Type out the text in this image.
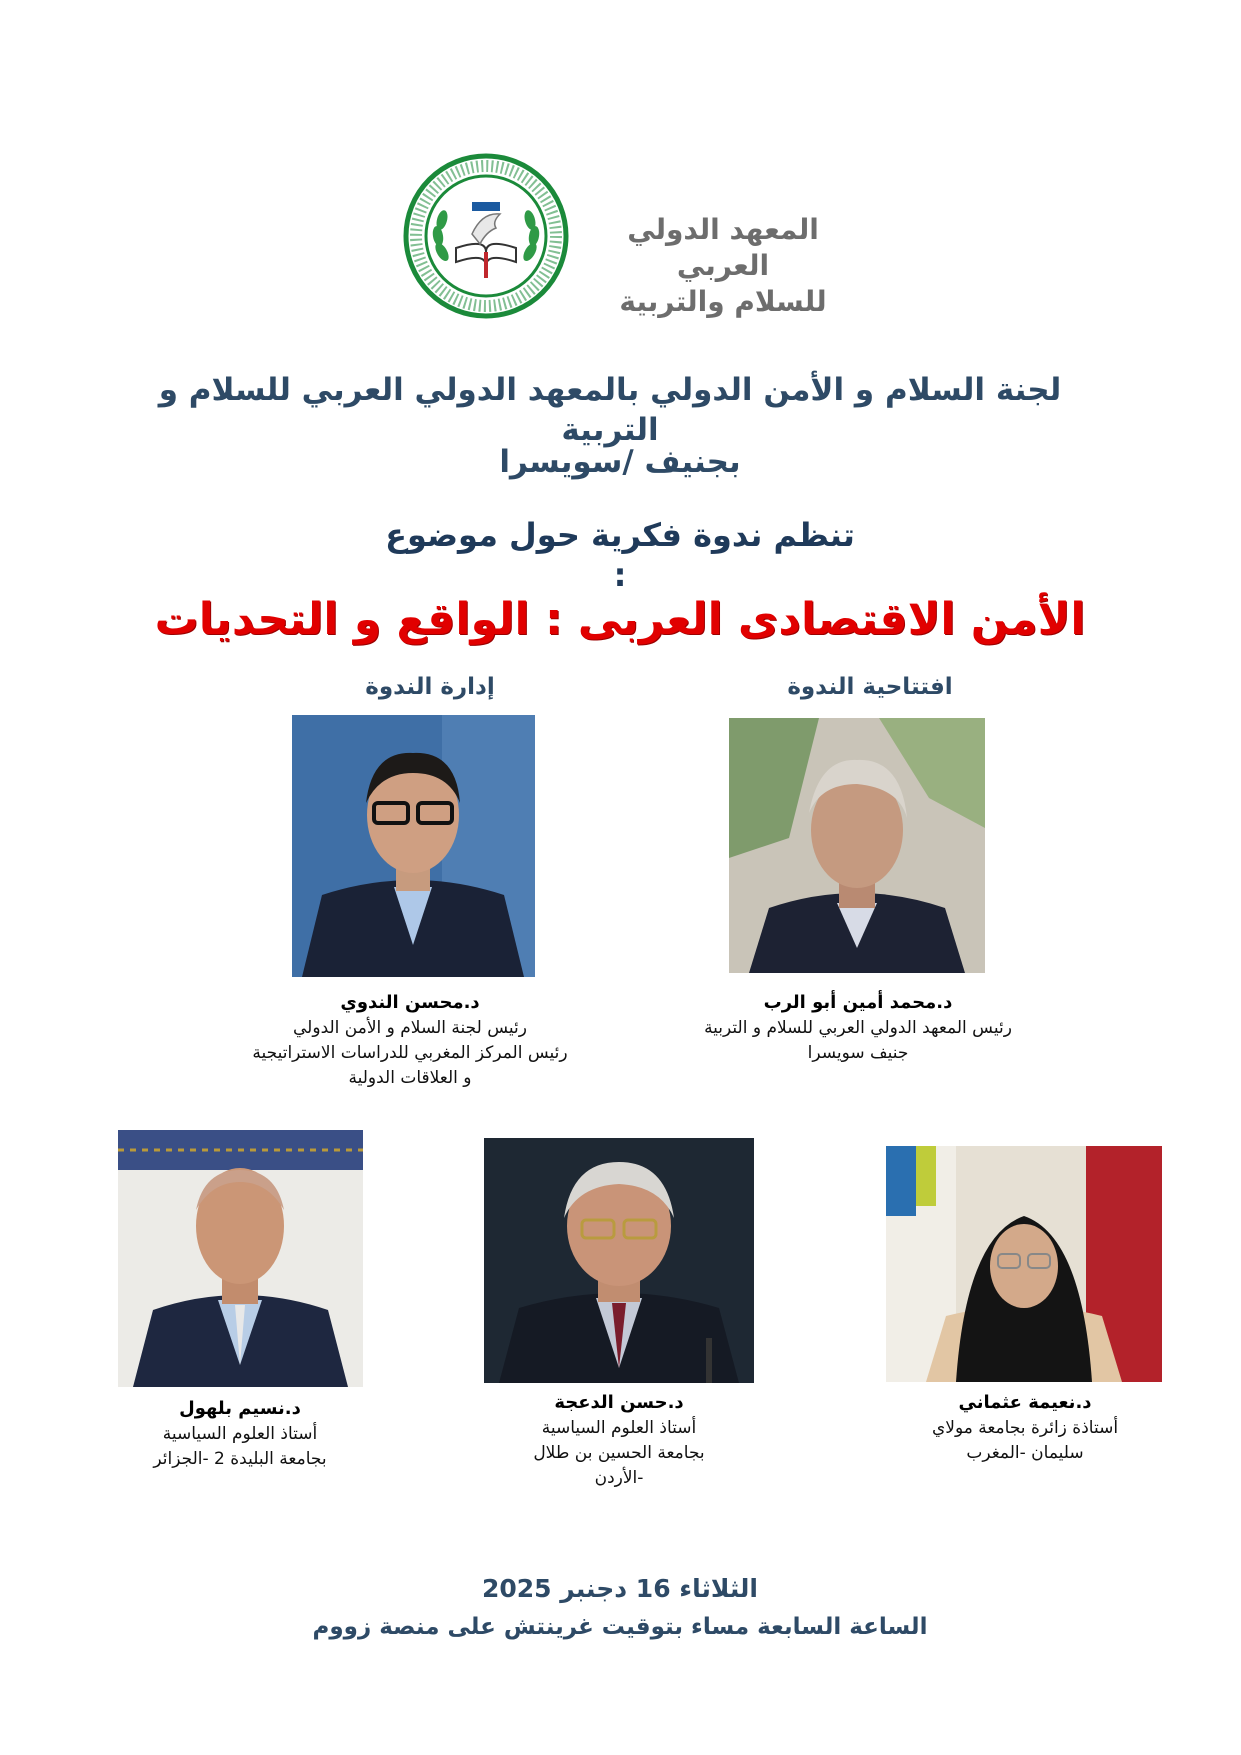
المعهد الدولي العربي
للسلام والتربية
لجنة السلام و الأمن الدولي بالمعهد الدولي العربي للسلام و التربية
بجنيف /سويسرا
تنظم ندوة فكرية حول موضوع :
الأمن الاقتصادى العربى : الواقع و التحديات
افتتاحية الندوة
إدارة الندوة
د.محمد أمين أبو الرب
رئيس المعهد الدولي العربي للسلام و التربية
جنيف سويسرا
د.محسن الندوي
رئيس لجنة السلام و الأمن الدولي
رئيس المركز المغربي للدراسات الاستراتيجية
و العلاقات الدولية
د.نعيمة عثماني
أستاذة زائرة بجامعة مولاي
سليمان -المغرب
د.حسن الدعجة
أستاذ العلوم السياسية
بجامعة الحسين بن طلال
-الأردن
د.نسيم بلهول
أستاذ العلوم السياسية
بجامعة البليدة 2 -الجزائر
الثلاثاء 16 دجنبر 2025
الساعة السابعة مساء بتوقيت غرينتش على منصة زووم
